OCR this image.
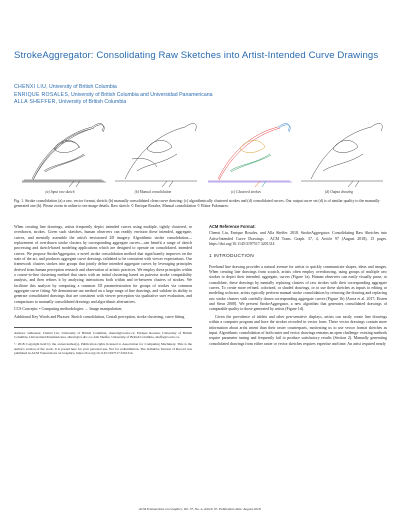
StrokeAggregator: Consolidating Raw Sketches into Artist-Intended Curve Drawings
CHENXI LIU, University of British Columbia
ENRIQUE ROSALES, University of British Columbia and Universidad Panamericana
ALLA SHEFFER, University of British Columbia
(a) Input raw sketch	(b) Manual consolidation	(c) Clustered strokes	(d) Output drawing
Fig. 1. Stroke consolidation (a) a raw, vector format, sketch; (b) manually consolidated clean curve drawing; (c) algorithmically clustered strokes and (d) consolidated curves. Our output curve set (d) is of similar quality to the manually generated one (b). Please zoom in online to see image details. Raw sketch: © Enrique Rosales, Manual consolidation © Elinor Palomares.

When creating line drawings, artists frequently depict intended curves using multiple, tightly clustered, or overdrawn, strokes. Given such sketches, human observers can readily envision these intended, aggregate, curves, and mentally assemble the artist's envisioned 2D imagery. Algorithmic stroke consolidation—replacement of overdrawn stroke clusters by corresponding aggregate curves—can benefit a range of sketch processing and sketch-based modeling applications which are designed to operate on consolidated, intended curves. We propose StrokeAggregator, a novel stroke consolidation method that significantly improves on the state of the art, and produces aggregate curve drawings validated to be consistent with viewer expectations. Our framework clusters strokes into groups that jointly define intended aggregate curves by leveraging principles derived from human perception research and observation of artistic practices. We employ these principles within a coarse-to-fine clustering method that starts with an initial clustering based on pairwise stroke compatibility analysis, and then refines it by analyzing interactions both within and in-between clusters of strokes. We facilitate this analysis by computing a common 1D parameterization for groups of strokes via common aggregate curve fitting. We demonstrate our method on a large range of line drawings, and validate its ability to generate consolidated drawings that are consistent with viewer perception via qualitative user evaluation, and comparisons to manually consolidated drawings and algorithmic alternatives.

CCS Concepts: • Computing methodologies → Image manipulation;

Additional Key Words and Phrases: Sketch consolidation, Gestalt perception, stroke clustering, curve fitting

Authors' addresses: Chenxi Liu, University of British Columbia, chenxil@cs.ubc.ca; Enrique Rosales, University of British Columbia, Universidad Panamericana, albertr@cs.ubc.ca; Alla Sheffer, University of British Columbia, sheffa@cs.ubc.ca.

© 2018 Copyright held by the owner/author(s). Publication rights licensed to Association for Computing Machinery. This is the author's version of the work. It is posted here for your personal use. Not for redistribution. The definitive Version of Record was published in ACM Transactions on Graphics, https://doi.org/10.1145/3197517.3201314.

ACM Reference Format:

Chenxi Liu, Enrique Rosales, and Alla Sheffer. 2018. StrokeAggregator: Consolidating Raw Sketches into Artist-Intended Curve Drawings . ACM Trans. Graph. 37, 4, Article 97 (August 2018), 15 pages. https://doi.org/10.1145/3197517.3201314

1 INTRODUCTION

Freehand line drawing provides a natural avenue for artists to quickly communicate shapes, ideas and images. When creating line drawings from scratch, artists often employ overdrawing, using groups of multiple raw strokes to depict their intended, aggregate, curves (Figure 1a). Human observers can easily visually parse, or consolidate, these drawings by mentally replacing clusters of raw strokes with their corresponding aggregate curves. To create more refined, colorized, or shaded drawings, or to use these sketches as inputs to editing or modeling software, artists typically perform manual stroke consolidation by retracing the drawing and replacing raw stroke clusters with carefully drawn corresponding aggregate curves (Figure 1b) [Arora et al. 2017; Eissen and Steur 2008]. We present StrokeAggregator, a new algorithm that generates consolidated drawings of comparable quality to those generated by artists (Figure 1d).

Given the prevalence of tablets and other pen-sensitive displays, artists can easily create line drawings within a computer program and have the strokes recorded in vector form. These vector drawings contain more information about artist intent than their raster counterparts, motivating us to use vector format sketches as input. Algorithmic consolidation of both raster and vector drawings remains an open challenge: existing methods require parameter tuning and frequently fail to produce satisfactory results (Section 2). Manually generating consolidated drawings from either raster or vector sketches requires expertise and time. An artist required nearly

ACM Transactions on Graphics, Vol. 37, No. 4, Article 97. Publication date: August 2018.
